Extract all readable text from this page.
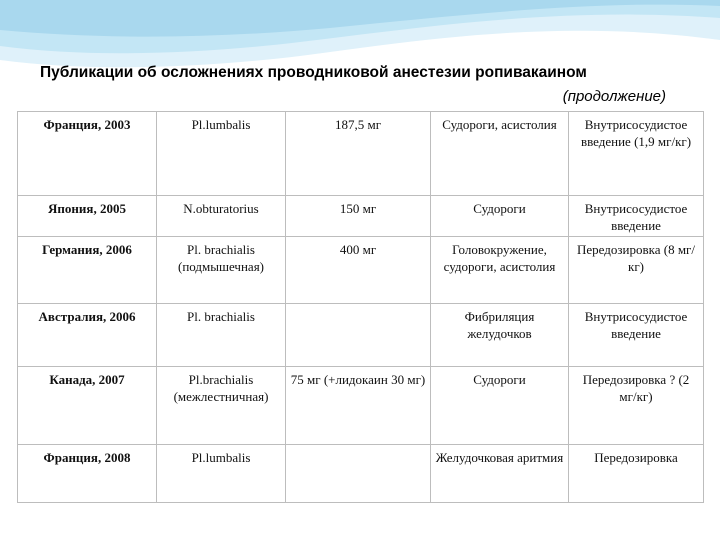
Публикации об осложнениях проводниковой анестезии ропивакаином
(продолжение)
Франция, 2003	Pl.lumbalis	187,5 мг	Судороги, асистолия	Внутрисосудистое введение (1,9 мг/кг)
Япония, 2005	N.obturatorius	150 мг	Судороги	Внутрисосудистое введение
Германия, 2006	Pl. brachialis (подмышечная)	400 мг	Головокружение, судороги, асистолия	Передозировка (8 мг/кг)
Австралия, 2006	Pl. brachialis		Фибриляция желудочков	Внутрисосудистое введение
Канада, 2007	Pl.brachialis (межлестничная)	75 мг (+лидокаин 30 мг)	Судороги	Передозировка ? (2 мг/кг)
Франция, 2008	Pl.lumbalis		Желудочковая аритмия	Передозировка
